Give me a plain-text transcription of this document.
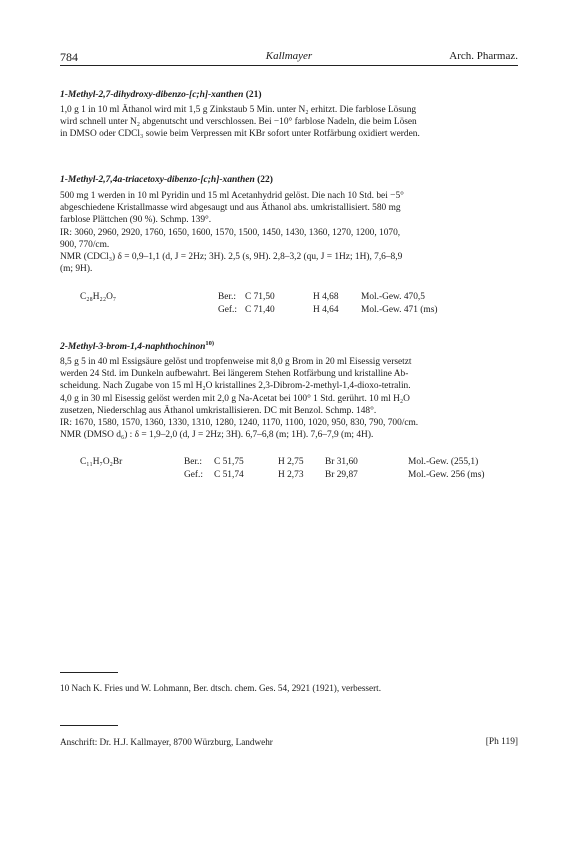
784	Kallmayer	Arch. Pharmaz.
1-Methyl-2,7-dihydroxy-dibenzo-[c;h]-xanthen (21)
1,0 g 1 in 10 ml Äthanol wird mit 1,5 g Zinkstaub 5 Min. unter N₂ erhitzt. Die farblose Lösung
wird schnell unter N₂ abgenutscht und verschlossen. Bei −10° farblose Nadeln, die beim Lösen
in DMSO oder CDCl₃ sowie beim Verpressen mit KBr sofort unter Rotfärbung oxidiert werden.
1-Methyl-2,7,4a-triacetoxy-dibenzo-[c;h]-xanthen (22)
500 mg 1 werden in 10 ml Pyridin und 15 ml Acetanhydrid gelöst. Die nach 10 Std. bei −5°
abgeschiedene Kristallmasse wird abgesaugt und aus Äthanol abs. umkristallisiert. 580 mg
farblose Plättchen (90 %). Schmp. 139°.
IR: 3060, 2960, 2920, 1760, 1650, 1600, 1570, 1500, 1450, 1430, 1360, 1270, 1200, 1070,
900, 770/cm.
NMR (CDCl₃) δ = 0,9–1,1 (d, J = 2Hz; 3H). 2,5 (s, 9H). 2,8–3,2 (qu, J = 1Hz; 1H), 7,6–8,9
(m; 9H).
C₂₈H₂₂O₇	Ber.: C 71,50	H 4,68 Mol.-Gew. 470,5
Gef.: C 71,40	H 4,64 Mol.-Gew. 471 (ms)
2-Methyl-3-brom-1,4-naphthochinon$^{10)}$
8,5 g 5 in 40 ml Essigsäure gelöst und tropfenweise mit 8,0 g Brom in 20 ml Eisessig versetzt
werden 24 Std. im Dunkeln aufbewahrt. Bei längerem Stehen Rotfärbung und kristalline Ab-
scheidung. Nach Zugabe von 15 ml H₂O kristallines 2,3-Dibrom-2-methyl-1,4-dioxo-tetralin.
4,0 g in 30 ml Eisessig gelöst werden mit 2,0 g Na-Acetat bei 100° 1 Std. gerührt. 10 ml H₂O
zusetzen, Niederschlag aus Äthanol umkristallisieren. DC mit Benzol. Schmp. 148°.
IR: 1670, 1580, 1570, 1360, 1330, 1310, 1280, 1240, 1170, 1100, 1020, 950, 830, 790, 700/cm.
NMR (DMSO d₆) : δ = 1,9–2,0 (d, J = 2Hz; 3H). 6,7–6,8 (m; 1H). 7,6–7,9 (m; 4H).
C₁₁H₇O₂Br	Ber.: C 51,75	H 2,75 Br 31,60	Mol.-Gew. (255,1)
Gef.: C 51,74	H 2,73 Br 29,87	Mol.-Gew. 256 (ms)
10 Nach K. Fries und W. Lohmann, Ber. dtsch. chem. Ges. 54, 2921 (1921), verbessert.
Anschrift: Dr. H.J. Kallmayer, 8700 Würzburg, Landwehr	[Ph 119]
